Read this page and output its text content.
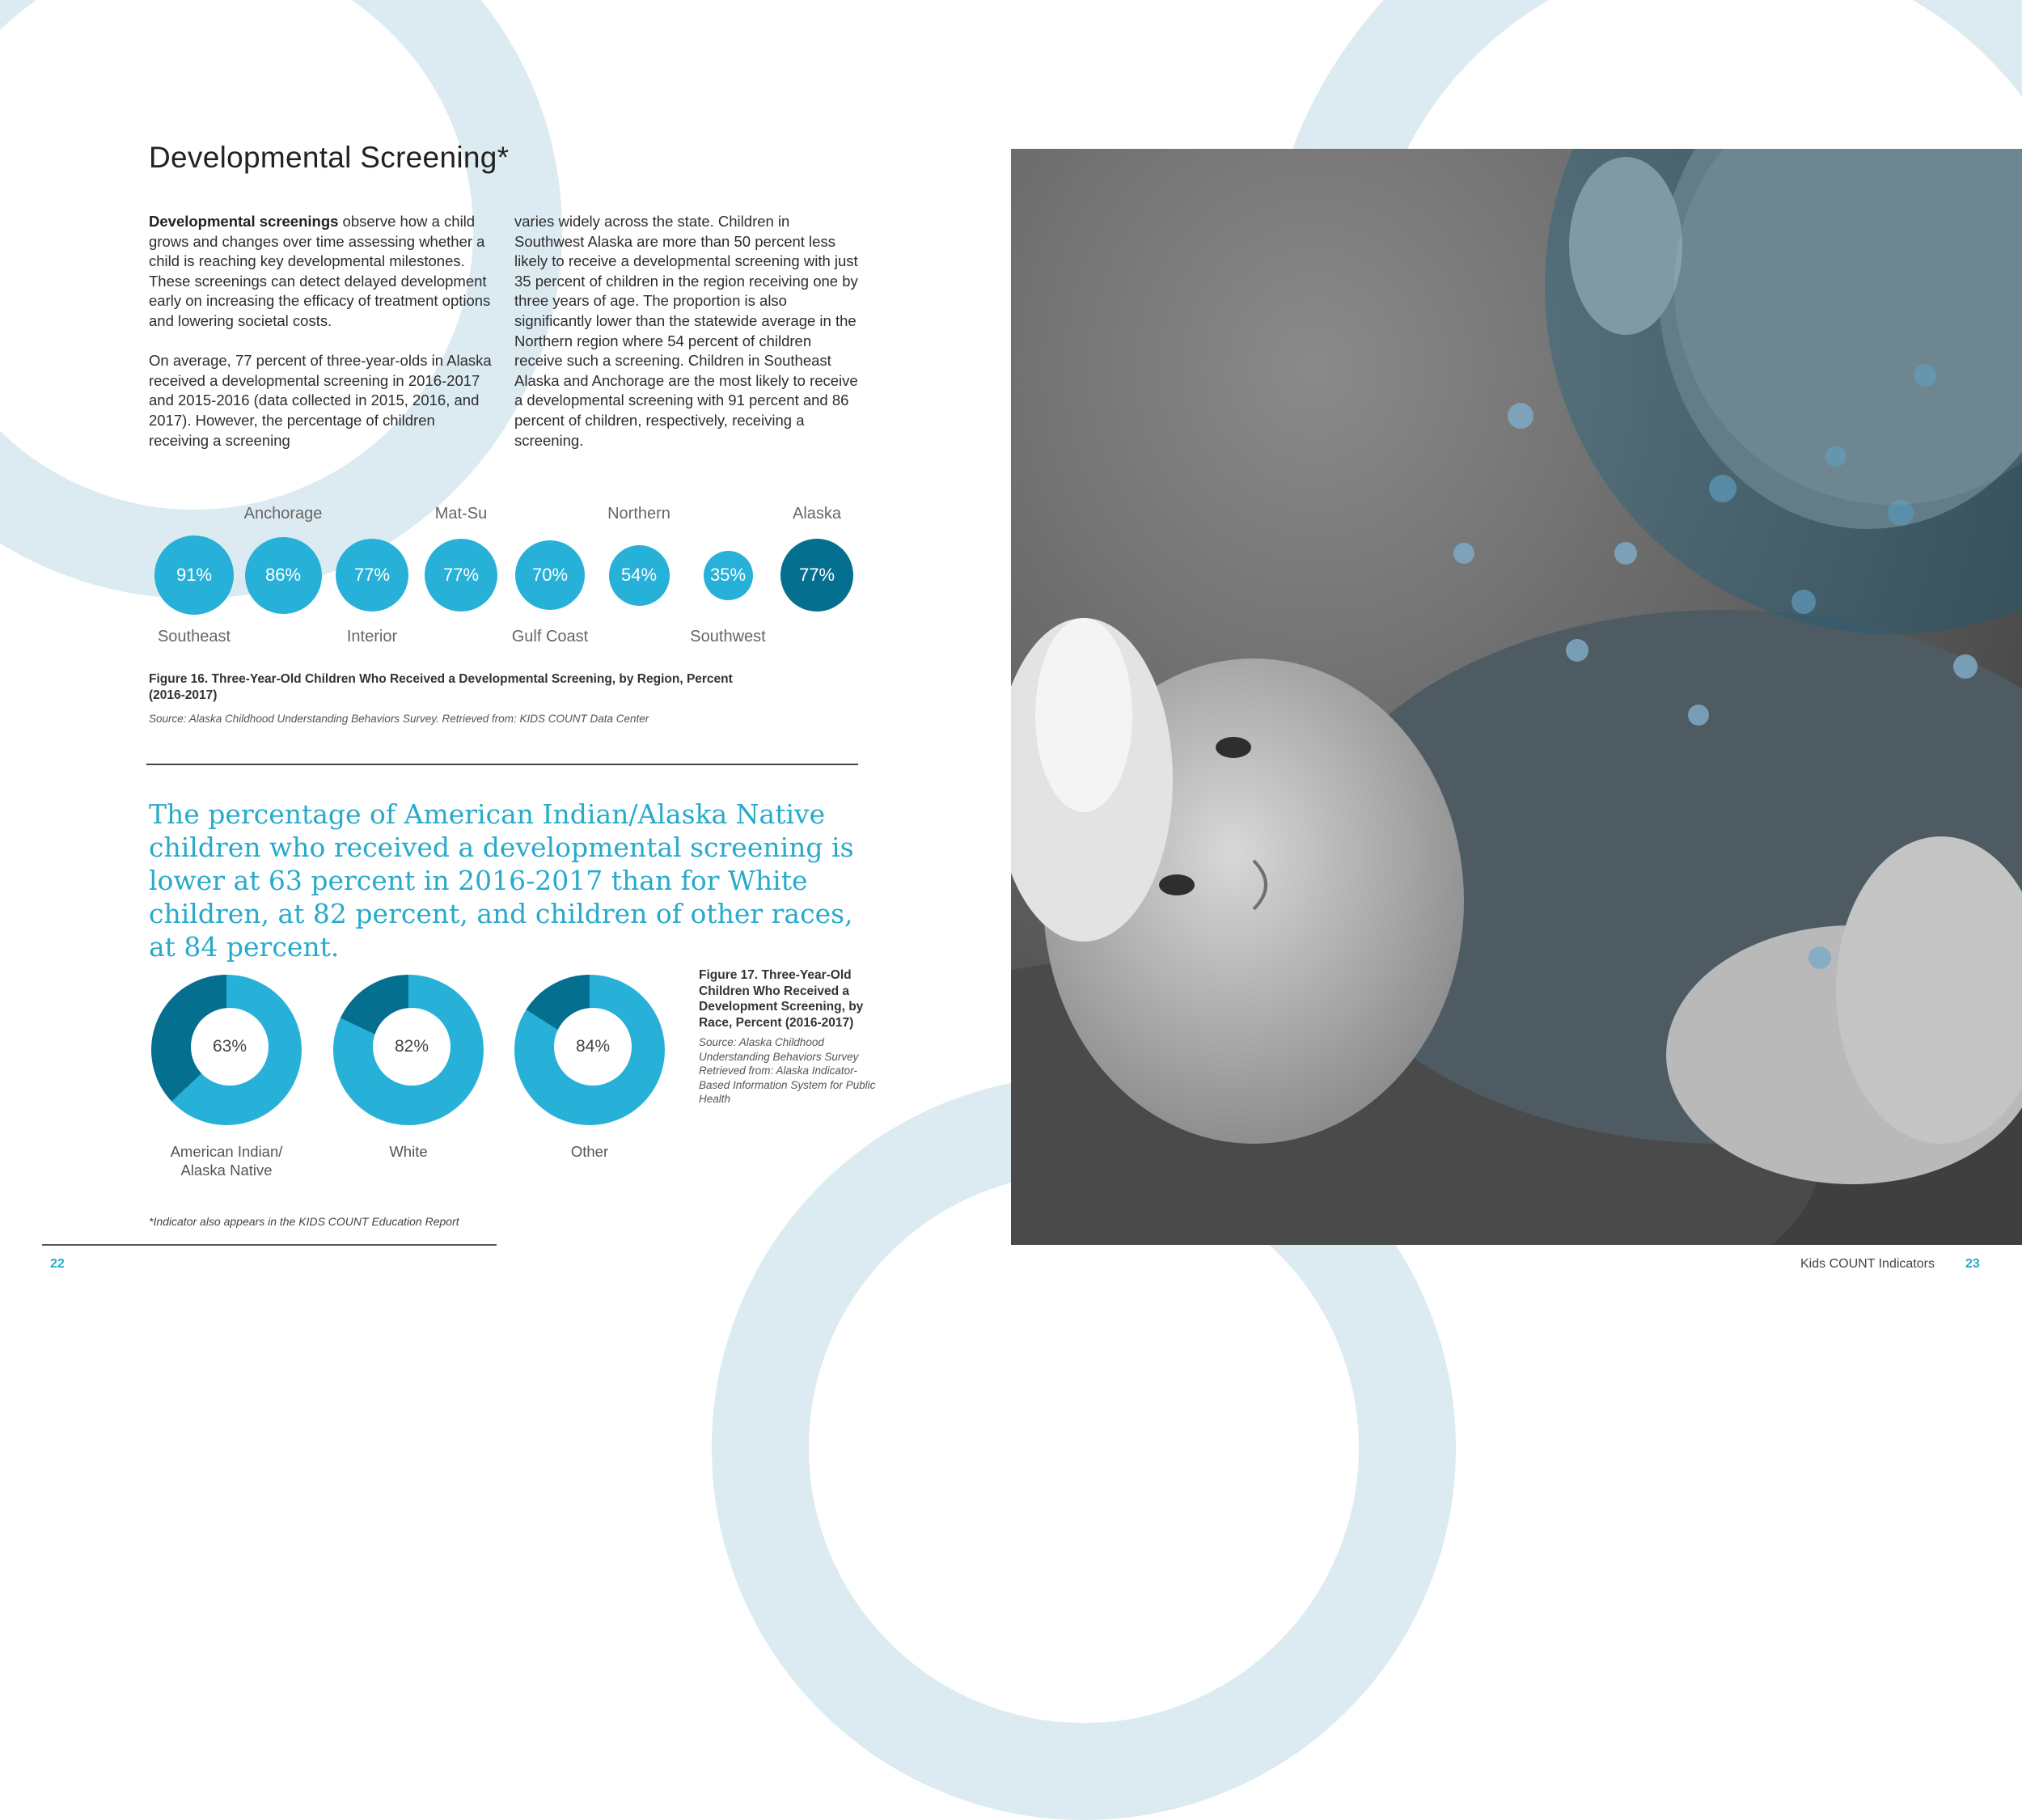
Developmental Screening*

Developmental screenings observe how a child grows and changes over time assessing whether a child is reaching key developmental milestones. These screenings can detect delayed development early on increasing the efficacy of treatment options and lowering societal costs.

On average, 77 percent of three-year-olds in Alaska received a developmental screening in 2016-2017 and 2015-2016 (data collected in 2015, 2016, and 2017). However, the percentage of children receiving a screening

varies widely across the state. Children in Southwest Alaska are more than 50 percent less likely to receive a developmental screening with just 35 percent of children in the region receiving one by three years of age. The proportion is also significantly lower than the statewide average in the Northern region where 54 percent of children receive such a screening. Children in Southeast Alaska and Anchorage are the most likely to receive a developmental screening with 91 percent and 86 percent of children, respectively, receiving a screening.

91%
Southeast
86%
Anchorage
77%
Interior
77%
Mat-Su
70%
Gulf Coast
54%
Northern
35%
Southwest
77%
Alaska
Figure 16. Three-Year-Old Children Who Received a Developmental Screening, by Region, Percent (2016-2017)
Source: Alaska Childhood Understanding Behaviors Survey. Retrieved from: KIDS COUNT Data Center
The percentage of American Indian/Alaska Native children who received a developmental screening is lower at 63 percent in 2016-2017 than for White children, at 82 percent, and children of other races, at 84 percent.
63%
American Indian/
Alaska Native
82%
White
84%
Other
Figure 17. Three-Year-Old Children Who Received a Development Screening, by Race, Percent (2016-2017)
Source: Alaska Childhood Understanding Behaviors Survey Retrieved from: Alaska Indicator-Based Information System for Public Health
*Indicator also appears in the KIDS COUNT Education Report
22	Kids COUNT Indicators 23
